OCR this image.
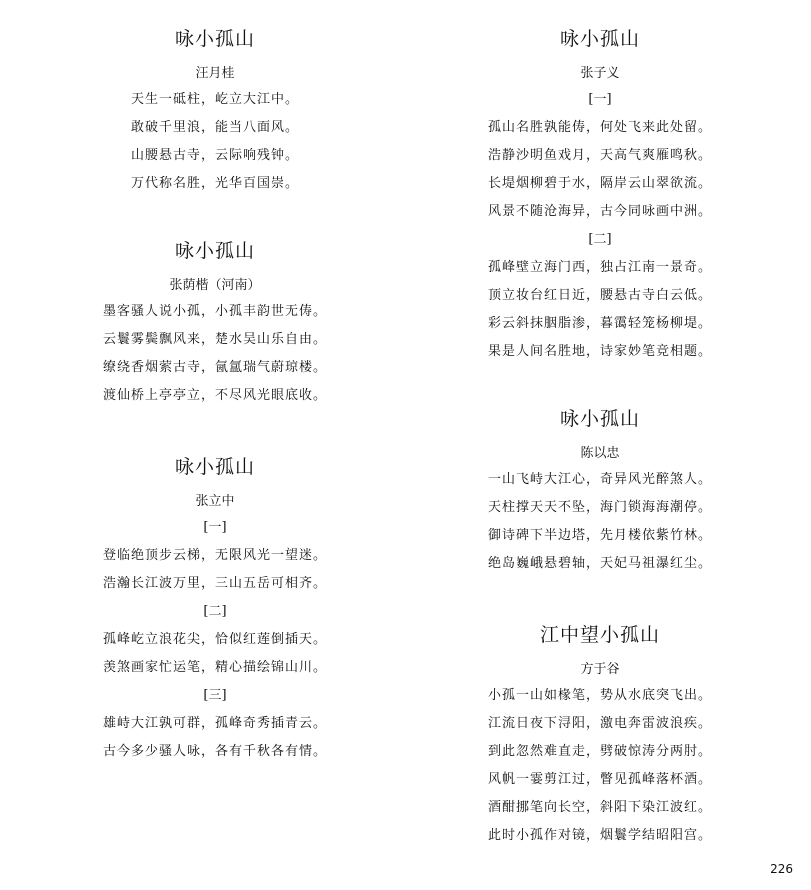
咏小孤山
汪月桂
天生一砥柱，屹立大江中。
敢破千里浪，能当八面风。
山腰悬古寺，云际响残钟。
万代称名胜，光华百国崇。
咏小孤山
张荫楷（河南）
墨客骚人说小孤，小孤丰韵世无俦。
云鬟雾鬓飘风来，楚水吴山乐自由。
缭绕香烟萦古寺，氤氲瑞气蔚琼楼。
渡仙桥上亭亭立，不尽风光眼底收。
咏小孤山
张立中
[一]
登临绝顶步云梯，无限风光一望迷。
浩瀚长江波万里，三山五岳可相齐。
[二]
孤峰屹立浪花尖，恰似红莲倒插天。
羡煞画家忙运笔，精心描绘锦山川。
[三]
雄峙大江孰可群，孤峰奇秀插青云。
古今多少骚人咏，各有千秋各有情。
咏小孤山
张子义
[一]
孤山名胜孰能俦，何处飞来此处留。
浩静沙明鱼戏月，天高气爽雁鸣秋。
长堤烟柳碧于水，隔岸云山翠欲流。
风景不随沧海异，古今同咏画中洲。
[二]
孤峰壁立海门西，独占江南一景奇。
顶立妆台红日近，腰悬古寺白云低。
彩云斜抹胭脂渗，暮霭轻笼杨柳堤。
果是人间名胜地，诗家妙笔竞相题。
咏小孤山
陈以忠
一山飞峙大江心，奇异风光醉煞人。
天柱撑天天不坠，海门锁海海潮停。
御诗碑下半边塔，先月楼依紫竹林。
绝岛巍峨悬碧轴，天妃马祖瀑红尘。
江中望小孤山
方于谷
小孤一山如椽笔，势从水底突飞出。
江流日夜下浔阳，激电奔雷波浪疾。
到此忽然难直走，劈破惊涛分两肘。
风帆一霎剪江过，瞥见孤峰落杯酒。
酒酣挪笔向长空，斜阳下染江波红。
此时小孤作对镜，烟鬟学结昭阳宫。
226
